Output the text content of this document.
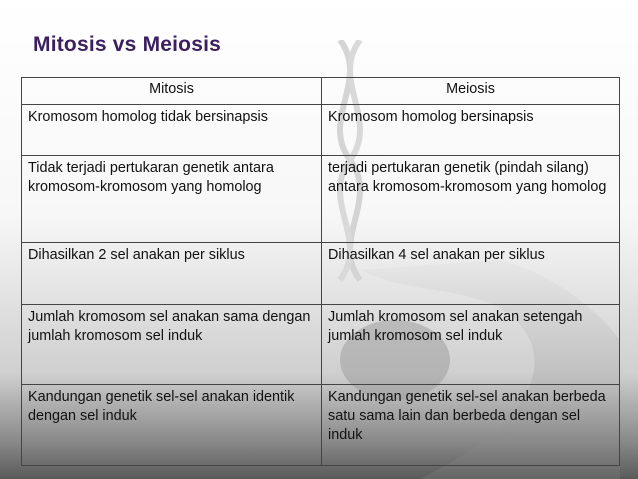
Mitosis vs Meiosis
Mitosis	Meiosis
Kromosom homolog tidak bersinapsis	Kromosom homolog bersinapsis
Tidak terjadi pertukaran genetik antara kromosom-kromosom yang homolog	terjadi pertukaran genetik (pindah silang) antara kromosom-kromosom yang homolog
Dihasilkan 2 sel anakan per siklus	Dihasilkan 4 sel anakan per siklus
Jumlah kromosom sel anakan sama dengan jumlah kromosom sel induk	Jumlah kromosom sel anakan setengah jumlah kromosom sel induk
Kandungan genetik sel-sel anakan identik dengan sel induk	Kandungan genetik sel-sel anakan berbeda satu sama lain dan berbeda dengan sel induk
